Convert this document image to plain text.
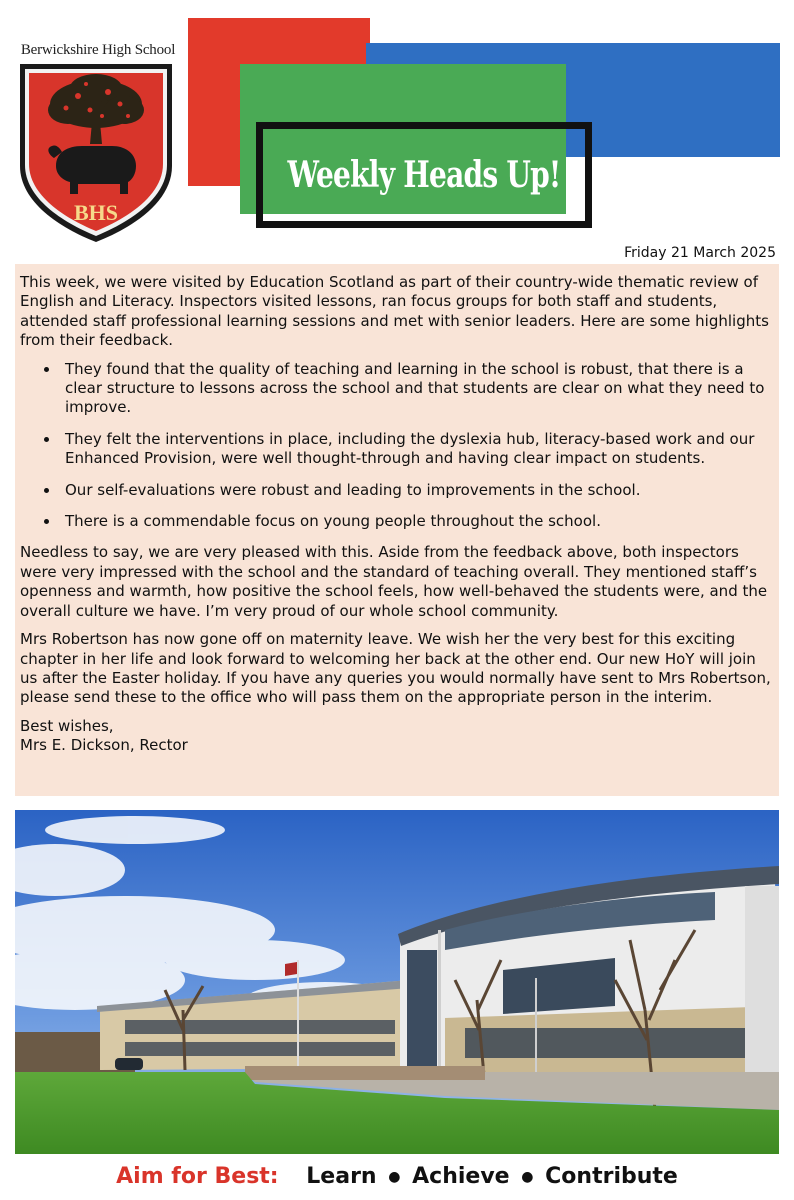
Berwickshire High School
BHS
Weekly Heads Up!
Friday 21 March 2025

This week, we were visited by Education Scotland as part of their country-wide thematic review of English and Literacy. Inspectors visited lessons, ran focus groups for both staff and students, attended staff professional learning sessions and met with senior leaders. Here are some highlights from their feedback.

• They found that the quality of teaching and learning in the school is robust, that there is a clear structure to lessons across the school and that students are clear on what they need to improve.
• They felt the interventions in place, including the dyslexia hub, literacy-based work and our Enhanced Provision, were well thought-through and having clear impact on students.
• Our self-evaluations were robust and leading to improvements in the school.
• There is a commendable focus on young people throughout the school.

Needless to say, we are very pleased with this. Aside from the feedback above, both inspectors were very impressed with the school and the standard of teaching overall. They mentioned staff’s openness and warmth, how positive the school feels, how well-behaved the students were, and the overall culture we have. I’m very proud of our whole school community.

Mrs Robertson has now gone off on maternity leave. We wish her the very best for this exciting chapter in her life and look forward to welcoming her back at the other end. Our new HoY will join us after the Easter holiday. If you have any queries you would normally have sent to Mrs Robertson, please send these to the office who will pass them on the appropriate person in the interim.

Best wishes,
Mrs E. Dickson, Rector

Aim for Best: Learn ● Achieve ● Contribute
